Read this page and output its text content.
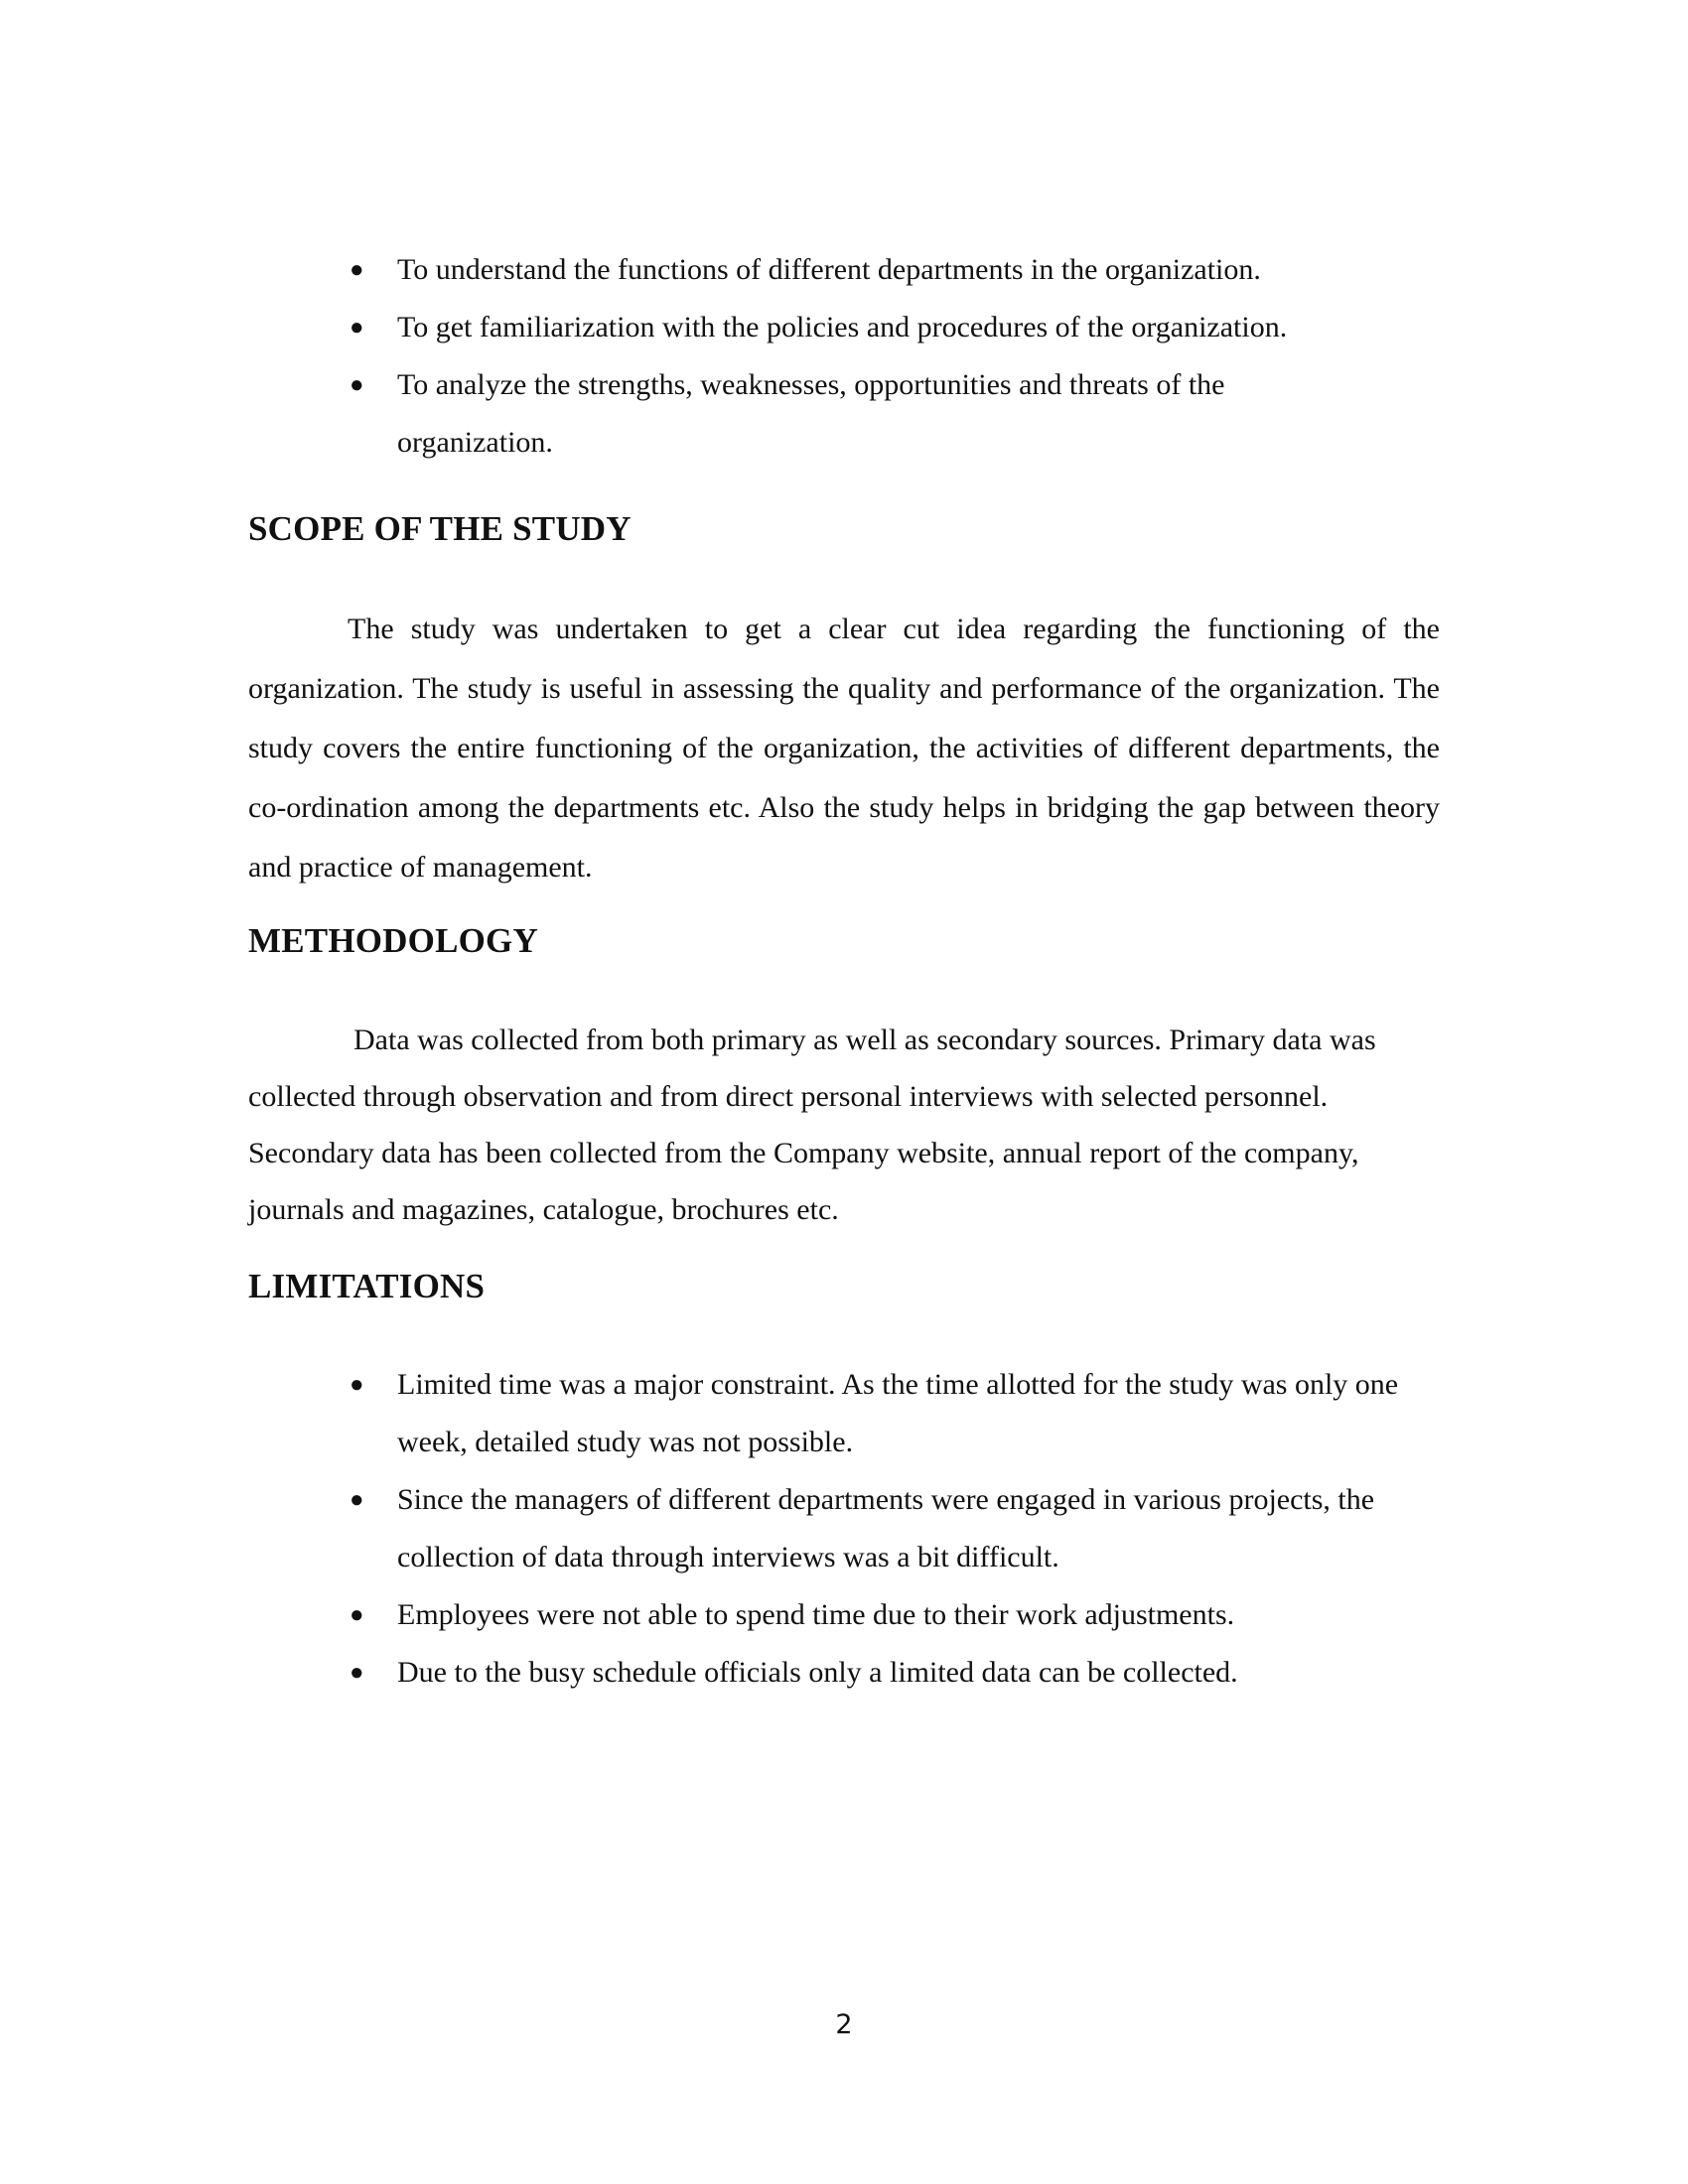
● To understand the functions of different departments in the organization.
● To get familiarization with the policies and procedures of the organization.
● To analyze the strengths, weaknesses, opportunities and threats of the organization.
SCOPE OF THE STUDY

The study was undertaken to get a clear cut idea regarding the functioning of the organization. The study is useful in assessing the quality and performance of the organization. The study covers the entire functioning of the organization, the activities of different departments, the co-ordination among the departments etc. Also the study helps in bridging the gap between theory and practice of management.

METHODOLOGY

Data was collected from both primary as well as secondary sources. Primary data was collected through observation and from direct personal interviews with selected personnel. Secondary data has been collected from the Company website, annual report of the company, journals and magazines, catalogue, brochures etc.

LIMITATIONS
● Limited time was a major constraint. As the time allotted for the study was only one week, detailed study was not possible.
● Since the managers of different departments were engaged in various projects, the collection of data through interviews was a bit difficult.
● Employees were not able to spend time due to their work adjustments.
● Due to the busy schedule officials only a limited data can be collected.
2
